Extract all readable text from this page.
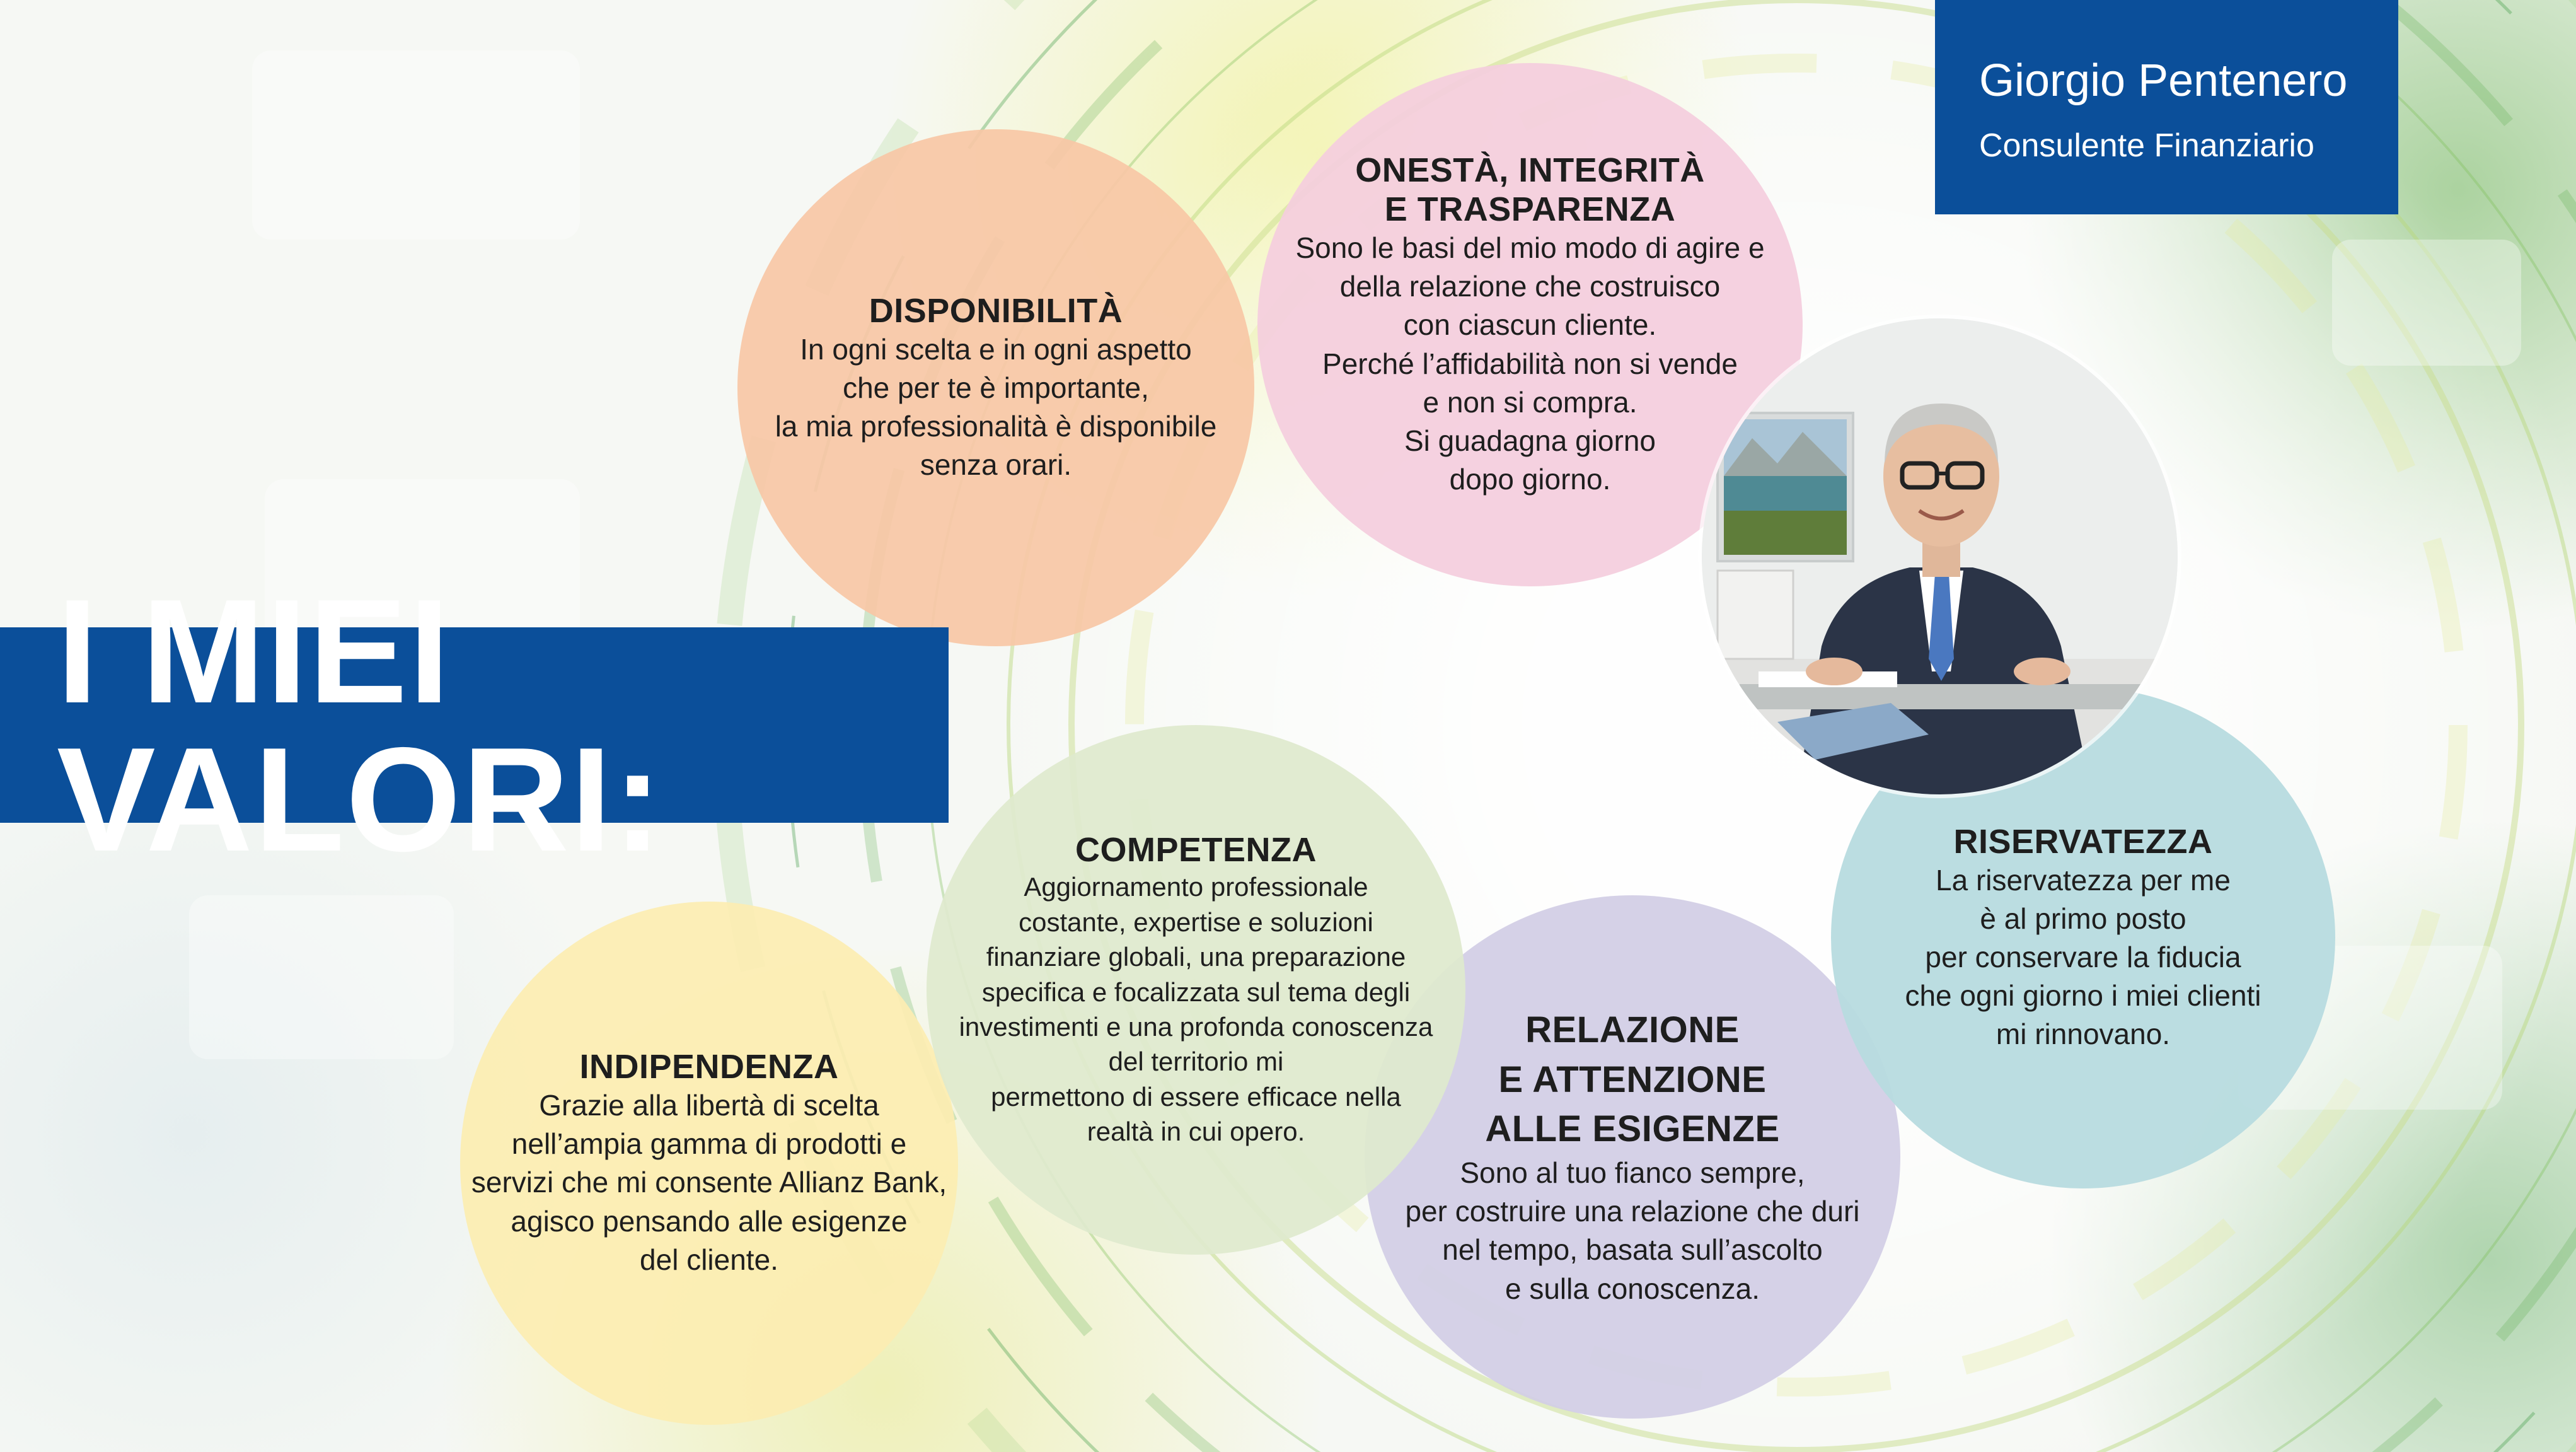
Giorgio Pentenero
Consulente Finanziario
DISPONIBILITÀ
In ogni scelta e in ogni aspetto
che per te è importante,
la mia professionalità è disponibile
senza orari.
ONESTÀ, INTEGRITÀ
E TRASPARENZA
Sono le basi del mio modo di agire e
della relazione che costruisco
con ciascun cliente.
Perché l’affidabilità non si vende
e non si compra.
Si guadagna giorno
dopo giorno.
INDIPENDENZA
Grazie alla libertà di scelta
nell’ampia gamma di prodotti e
servizi che mi consente Allianz Bank,
agisco pensando alle esigenze
del cliente.
RELAZIONE
E ATTENZIONE
ALLE ESIGENZE
Sono al tuo fianco sempre,
per costruire una relazione che duri
nel tempo, basata sull’ascolto
e sulla conoscenza.
COMPETENZA
Aggiornamento professionale
costante, expertise e soluzioni
finanziare globali, una preparazione
specifica e focalizzata sul tema degli
investimenti e una profonda conoscenza
del territorio mi
permettono di essere efficace nella
realtà in cui opero.
RISERVATEZZA
La riservatezza per me
è al primo posto
per conservare la fiducia
che ogni giorno i miei clienti
mi rinnovano.
I MIEI VALORI:
